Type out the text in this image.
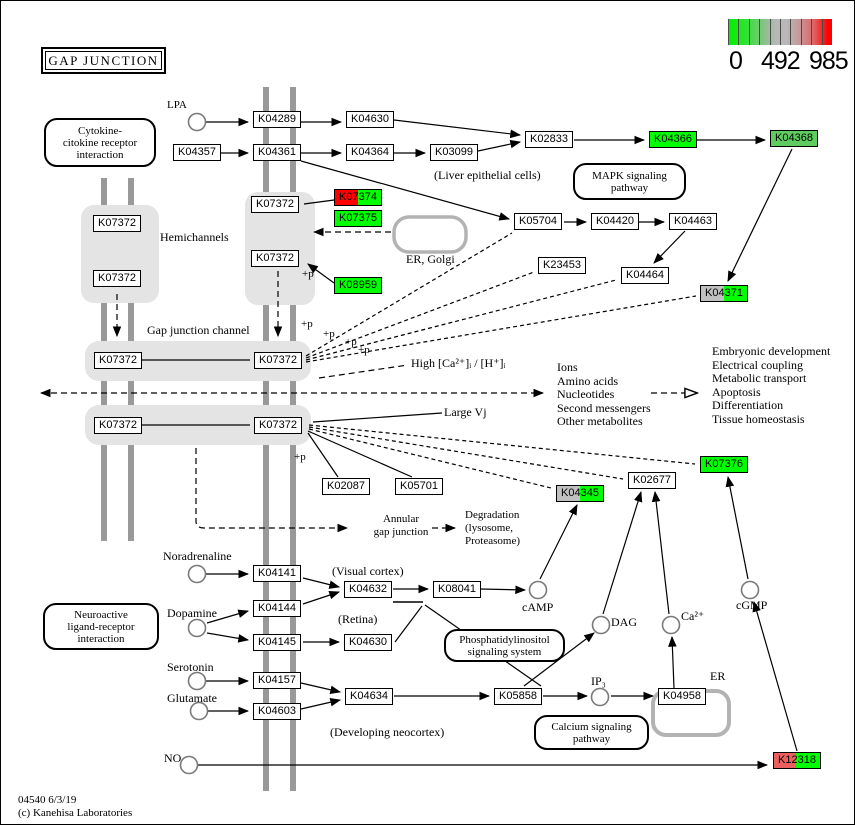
GAP JUNCTION	0 492 985
Cytokine-
citokine receptor
interaction
MAPK signaling
pathway
Neuroactive
ligand-receptor
interaction	Phosphatidylinositol
signaling system
Calcium signaling
pathway
K04289	K04630
K04357	K04361	K04364	K03099
K02833	K04366	K04368
K07374
K07375
K07372
K07372
K07372
K07372
K08959
K05704	K04420	K04463
K23453
K04464
K04371
K07372	K07372
K07372	K07372
K02087	K05701
K04345
K02677
K07376
K04141
K04632	K08041
K04144
K04145	K04630
K04157
K04603
K04634	K05858	K04958
K12318
LPA
(Liver epithelial cells)
Hemichannels
ER, Golgi
Gap junction channel
High [Ca²⁺]ᵢ / [H⁺]ᵢ
Large Vj
+p
+p
+p
+p
+p
+p
Noradrenaline
(Visual cortex)
Dopamine	(Retina)
Serotonin
Glutamate
(Developing neocortex)
cAMP
IP₃
DAG	Ca²⁺
cGMP
NO
ER
Annular
gap junction
Degradation
(lysosome,
Proteasome)
Ions
Amino acids
Nucleotides
Second messengers
Other metabolites
Embryonic development
Electrical coupling
Metabolic transport
Apoptosis
Differentiation
Tissue homeostasis
04540 6/3/19
(c) Kanehisa Laboratories
